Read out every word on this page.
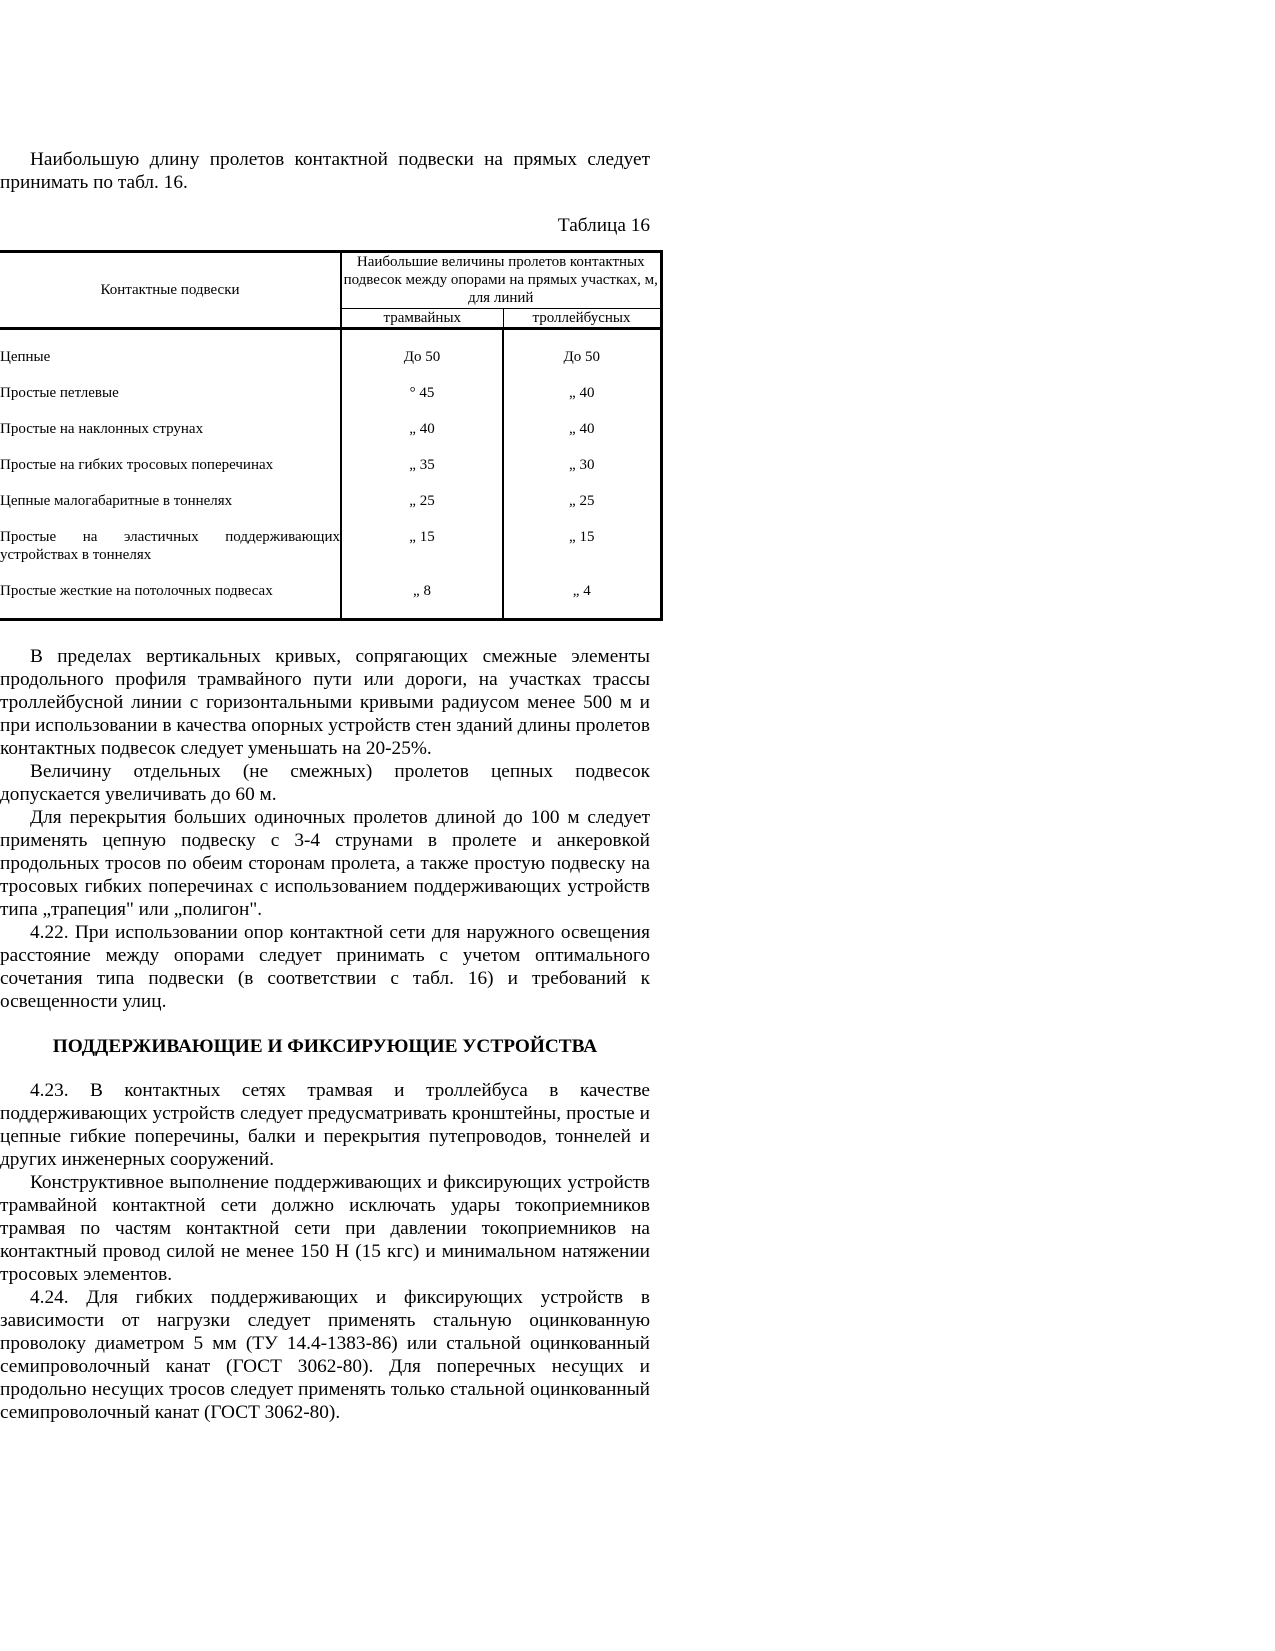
Наибольшую длину пролетов контактной подвески на прямых следует принимать по табл. 16.

Таблица 16
Контактные подвески	Наибольшие величины пролетов контактных подвесок между опорами на прямых участках, м, для линий	
	трамвайных	троллейбусных
Цепные	До 50	До 50
Простые петлевые	° 45	„ 40
Простые на наклонных струнах	„ 40	„ 40
Простые на гибких тросовых поперечинах	„ 35	„ 30
Цепные малогабаритные в тоннелях	„ 25	„ 25

Простые на эластичных поддерживающих устройствах в тоннелях	„ 15	„ 15
Простые жесткие на потолочных подвесах	„ 8	„ 4

В пределах вертикальных кривых, сопрягающих смежные элементы продольного профиля трамвайного пути или дороги, на участках трассы троллейбусной линии с горизонтальными кривыми радиусом менее 500 м и при использовании в качества опорных устройств стен зданий длины пролетов контактных подвесок следует уменьшать на 20-25%.

Величину отдельных (не смежных) пролетов цепных подвесок допускается увеличивать до 60 м.

Для перекрытия больших одиночных пролетов длиной до 100 м следует применять цепную подвеску с 3-4 струнами в пролете и анкеровкой продольных тросов по обеим сторонам пролета, а также простую подвеску на тросовых гибких поперечинах с использованием поддерживающих устройств типа „трапеция" или „полигон".

4.22. При использовании опор контактной сети для наружного освещения расстояние между опорами следует принимать с учетом оптимального сочетания типа подвески (в соответствии с табл. 16) и требований к освещенности улиц.

ПОДДЕРЖИВАЮЩИЕ И ФИКСИРУЮЩИЕ УСТРОЙСТВА

4.23. В контактных сетях трамвая и троллейбуса в качестве поддерживающих устройств следует предусматривать кронштейны, простые и цепные гибкие поперечины, балки и перекрытия путепроводов, тоннелей и других инженерных сооружений.

Конструктивное выполнение поддерживающих и фиксирующих устройств трамвайной контактной сети должно исключать удары токоприемников трамвая по частям контактной сети при давлении токоприемников на контактный провод силой не менее 150 Н (15 кгс) и минимальном натяжении тросовых элементов.

4.24. Для гибких поддерживающих и фиксирующих устройств в зависимости от нагрузки следует применять стальную оцинкованную проволоку диаметром 5 мм (ТУ 14.4-1383-86) или стальной оцинкованный семипроволочный канат (ГОСТ 3062-80). Для поперечных несущих и продольно несущих тросов следует применять только стальной оцинкованный семипроволочный канат (ГОСТ 3062-80).
